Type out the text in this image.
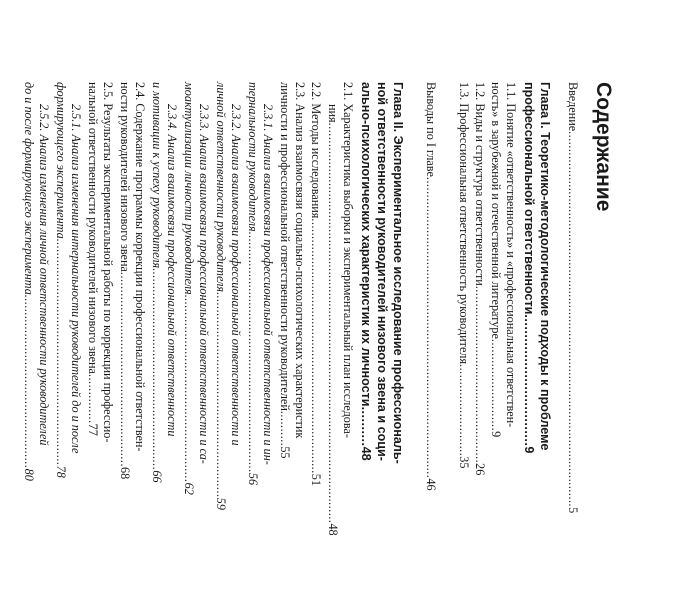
Содержание
Введение..........................................................................................................5
Глава I. Теоретико-методологические подходы к проблеме
профессиональной ответственности.................................9
1.1. Понятие «ответственность» и «профессиональная ответствен-
ность» в зарубежной и отечественной литературе..........................9
1.2. Виды и структура ответственности..................................................26
1.3. Профессиональная ответственность руководителя..........................35
Выводы по I главе.....................................................................................46
Глава II. Экспериментальное исследование профессиональ-
ной ответственности руководителей низового звена и соци-
ально-психологических характеристик их личности..........48
2.1. Характеристика выборки и экспериментальный план исследова-
ния.................................................................................................................48
2.2. Методы исследования........................................................................51
2.3. Анализ взаимосвязи социально-психологических характеристик
личности и профессиональной ответственности руководителей..........55
2.3.1. Анализ взаимосвязи профессиональной ответственности и ин-
тернальности руководителя....................................................................56
2.3.2. Анализ взаимосвязи профессиональной ответственности и
личной ответственности руководителя..........................................................59
2.3.3. Анализ взаимосвязи профессиональной ответственности и са-
моактуализации личности руководителя.....................................................62
2.3.4. Анализ взаимосвязи профессиональной ответственности
и мотивации к успеху руководителя.........................................................66
2.4. Содержание программы коррекции профессиональной ответствен-
ности руководителей низового звена.......................................................68
2.5. Результаты экспериментальной работы по коррекции профессио-
нальной ответственности руководителей низового звена..............77
2.5.1. Анализ изменения интернальности руководителей до и после
формирующего эксперимента................................................................78
2.5.2. Анализ изменения личной ответственности руководителей
до и после формирующего эксперимента.................................................80
